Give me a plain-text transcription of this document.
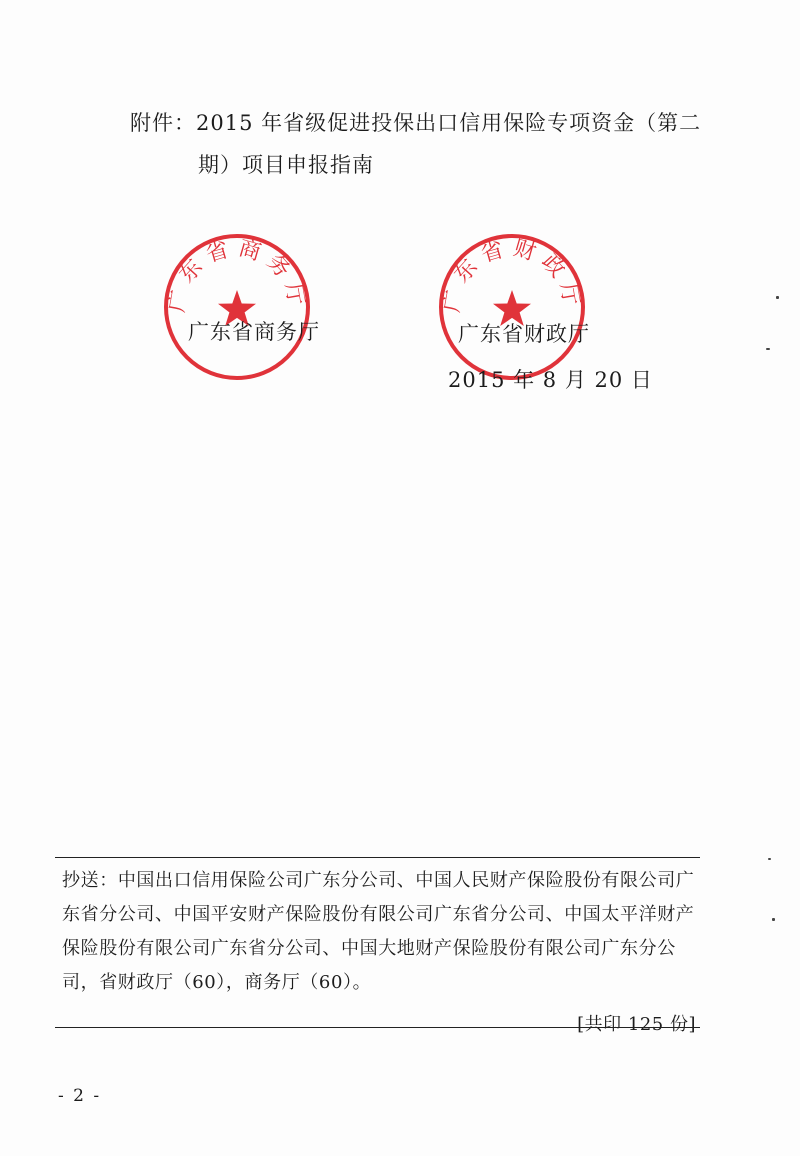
附件：2015 年省级促进投保出口信用保险专项资金（第二
期）项目申报指南
广东省商务厅	广东省财政厅
广东省商务厅	广东省财政厅
2015 年 8 月 20 日
抄送：中国出口信用保险公司广东分公司、中国人民财产保险股份有限公司广东省分公司、中国平安财产保险股份有限公司广东省分公司、中国太平洋财产保险股份有限公司广东省分公司、中国大地财产保险股份有限公司广东分公司，省财政厅（60），商务厅（60）。
[共印 125 份]
- 2 -
